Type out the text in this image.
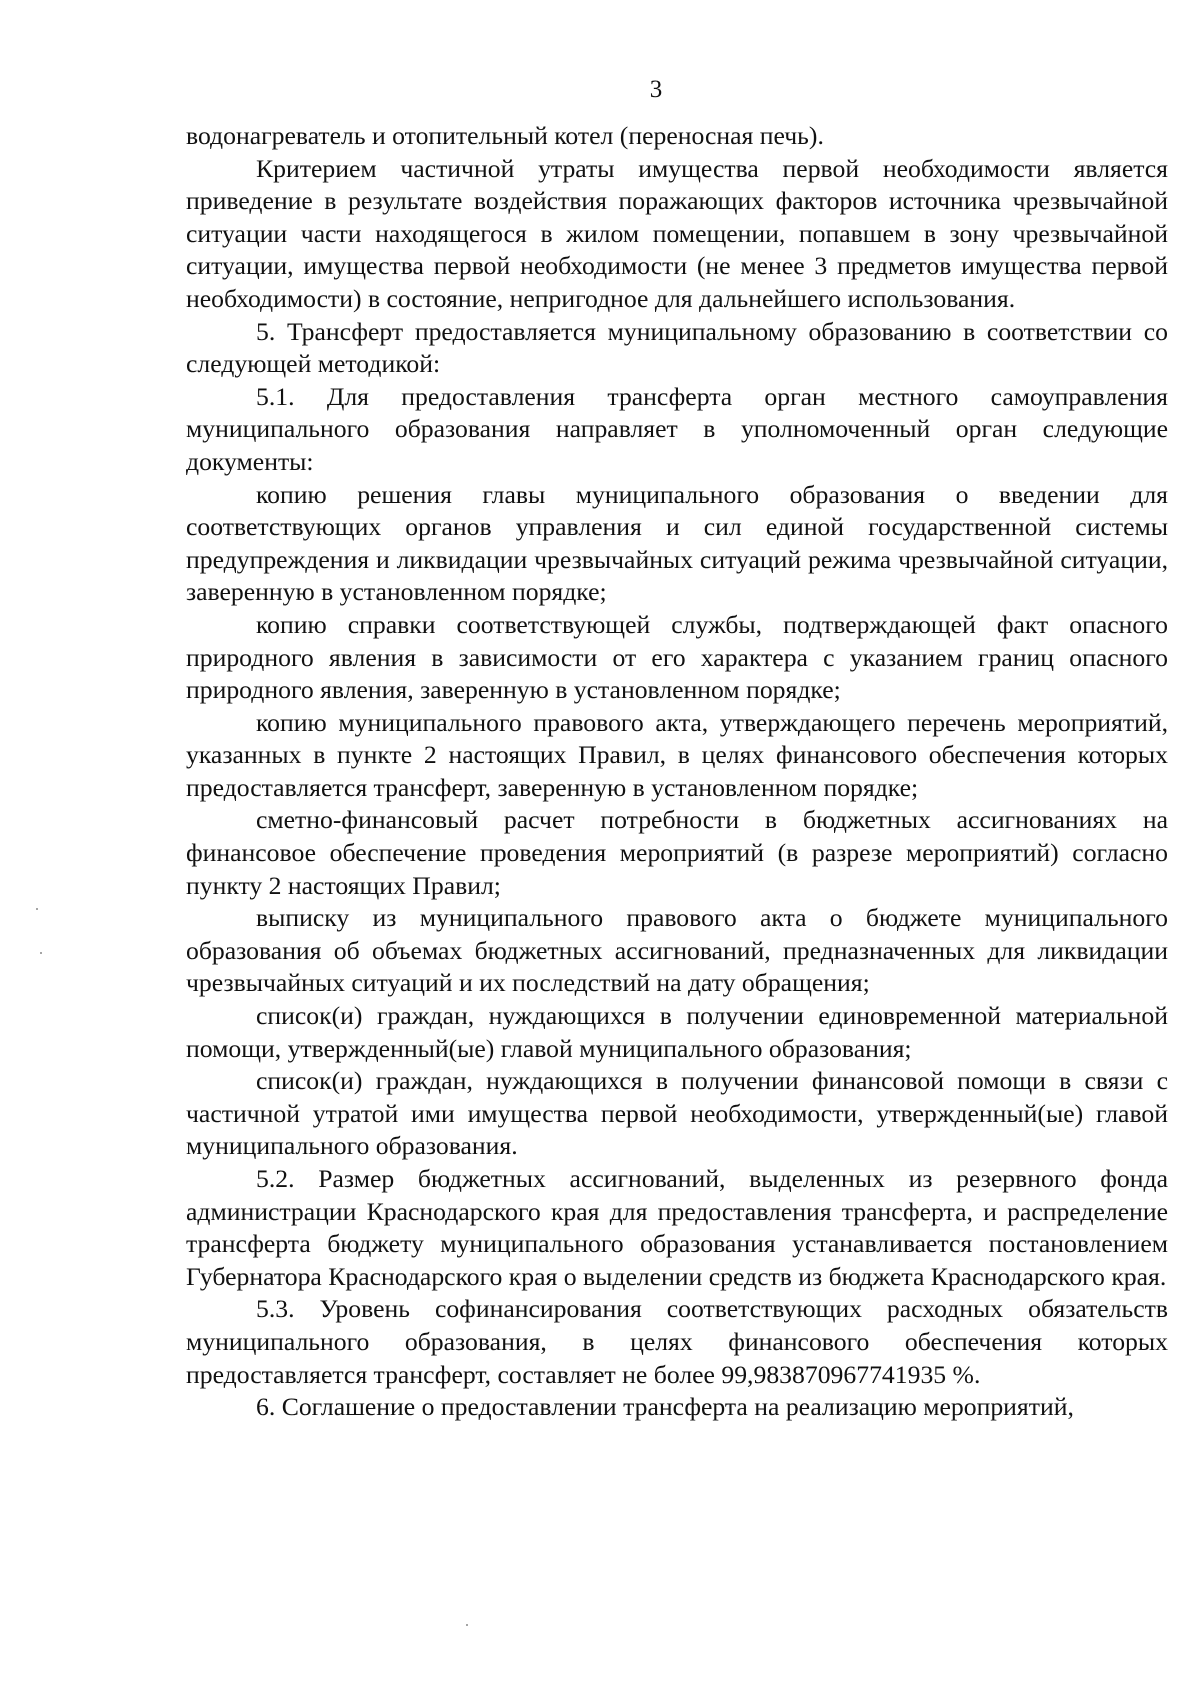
3

водонагреватель и отопительный котел (переносная печь).

Критерием частичной утраты имущества первой необходимости является приведение в результате воздействия поражающих факторов источника чрезвычайной ситуации части находящегося в жилом помещении, попавшем в зону чрезвычайной ситуации, имущества первой необходимости (не менее 3 предметов имущества первой необходимости) в состояние, непригодное для дальнейшего использования.

5. Трансферт предоставляется муниципальному образованию в соответствии со следующей методикой:

5.1. Для предоставления трансферта орган местного самоуправления муниципального образования направляет в уполномоченный орган следующие документы:

копию решения главы муниципального образования о введении для соответствующих органов управления и сил единой государственной системы предупреждения и ликвидации чрезвычайных ситуаций режима чрезвычайной ситуации, заверенную в установленном порядке;

копию справки соответствующей службы, подтверждающей факт опасного природного явления в зависимости от его характера с указанием границ опасного природного явления, заверенную в установленном порядке;

копию муниципального правового акта, утверждающего перечень мероприятий, указанных в пункте 2 настоящих Правил, в целях финансового обеспечения которых предоставляется трансферт, заверенную в установленном порядке;

сметно-финансовый расчет потребности в бюджетных ассигнованиях на финансовое обеспечение проведения мероприятий (в разрезе мероприятий) согласно пункту 2 настоящих Правил;

выписку из муниципального правового акта о бюджете муниципального образования об объемах бюджетных ассигнований, предназначенных для ликвидации чрезвычайных ситуаций и их последствий на дату обращения;

список(и) граждан, нуждающихся в получении единовременной материальной помощи, утвержденный(ые) главой муниципального образования;

список(и) граждан, нуждающихся в получении финансовой помощи в связи с частичной утратой ими имущества первой необходимости, утвержденный(ые) главой муниципального образования.

5.2. Размер бюджетных ассигнований, выделенных из резервного фонда администрации Краснодарского края для предоставления трансферта, и распределение трансферта бюджету муниципального образования устанавливается постановлением Губернатора Краснодарского края о выделении средств из бюджета Краснодарского края.

5.3. Уровень софинансирования соответствующих расходных обязательств муниципального образования, в целях финансового обеспечения которых предоставляется трансферт, составляет не более 99,983870967741935 %.

6. Соглашение о предоставлении трансферта на реализацию мероприятий,
